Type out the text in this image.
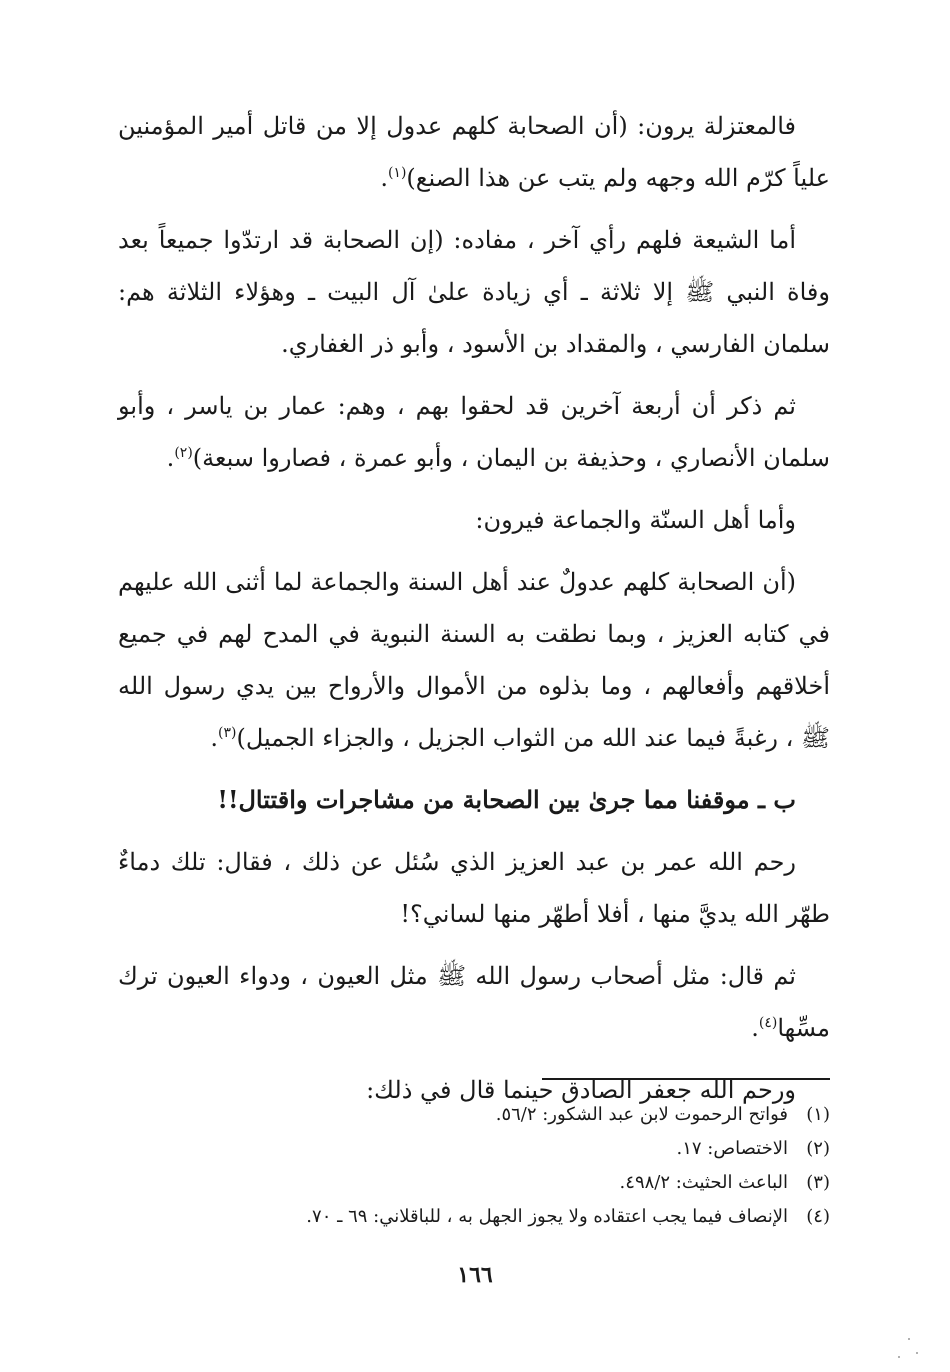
فالمعتزلة يرون: (أن الصحابة كلهم عدول إلا من قاتل أمير المؤمنين علياً كرّم الله وجهه ولم يتب عن هذا الصنع)$^{(١)}$.

أما الشيعة فلهم رأي آخر ، مفاده: (إن الصحابة قد ارتدّوا جميعاً بعد وفاة النبي ﷺ إلا ثلاثة ـ أي زيادة علىٰ آل البيت ـ وهؤلاء الثلاثة هم: سلمان الفارسي ، والمقداد بن الأسود ، وأبو ذر الغفاري.

ثم ذكر أن أربعة آخرين قد لحقوا بهم ، وهم: عمار بن ياسر ، وأبو سلمان الأنصاري ، وحذيفة بن اليمان ، وأبو عمرة ، فصاروا سبعة)$^{(٢)}$.

وأما أهل السنّة والجماعة فيرون:

(أن الصحابة كلهم عدولٌ عند أهل السنة والجماعة لما أثنى الله عليهم في كتابه العزيز ، وبما نطقت به السنة النبوية في المدح لهم في جميع أخلاقهم وأفعالهم ، وما بذلوه من الأموال والأرواح بين يدي رسول الله ﷺ ، رغبةً فيما عند الله من الثواب الجزيل ، والجزاء الجميل)$^{(٣)}$.

ب ـ موقفنا مما جرىٰ بين الصحابة من مشاجرات واقتتال!!

رحم الله عمر بن عبد العزيز الذي سُئل عن ذلك ، فقال: تلك دماءٌ طهّر الله يديَّ منها ، أفلا أطهّر منها لساني؟!

ثم قال: مثل أصحاب رسول الله ﷺ مثل العيون ، ودواء العيون ترك مسِّها$^{(٤)}$.

ورحم الله جعفر الصادق حينما قال في ذلك:

(١)فواتح الرحموت لابن عبد الشكور: ٥٦/٢.
(٢)الاختصاص: ١٧.
(٣)الباعث الحثيث: ٤٩٨/٢.
(٤)الإنصاف فيما يجب اعتقاده ولا يجوز الجهل به ، للباقلاني: ٦٩ ـ ٧٠.
١٦٦
